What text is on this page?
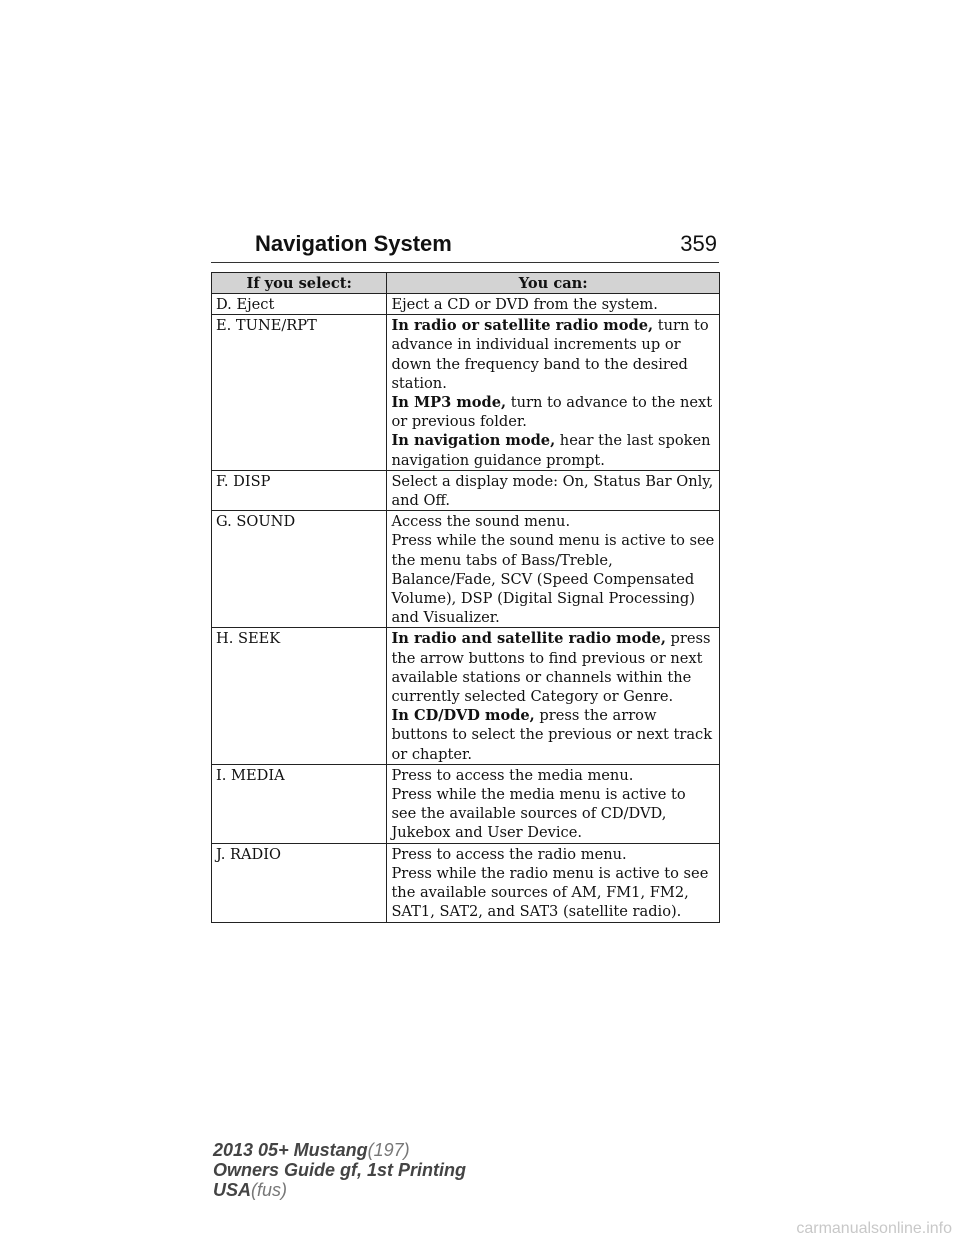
Navigation System	359
If you select:	You can:
D. Eject	Eject a CD or DVD from the system.

E. TUNE/RPT	In radio or satellite radio mode, turn to advance in individual increments up or down the frequency band to the desired station.
In MP3 mode, turn to advance to the next or previous folder.
In navigation mode, hear the last spoken navigation guidance prompt.

F. DISP	Select a display mode: On, Status Bar Only, and Off.

G. SOUND	Access the sound menu.
Press while the sound menu is active to see the menu tabs of Bass/Treble, Balance/Fade, SCV (Speed Compensated Volume), DSP (Digital Signal Processing) and Visualizer.

H. SEEK	In radio and satellite radio mode, press the arrow buttons to find previous or next available stations or channels within the currently selected Category or Genre.
In CD/DVD mode, press the arrow buttons to select the previous or next track or chapter.

I. MEDIA	Press to access the media menu.
Press while the media menu is active to see the available sources of CD/DVD, Jukebox and User Device.

J. RADIO	Press to access the radio menu.
Press while the radio menu is active to see the available sources of AM, FM1, FM2, SAT1, SAT2, and SAT3 (satellite radio).
2013 05+ Mustang(197)
Owners Guide gf, 1st Printing
USA(fus)
carmanualsonline.info
